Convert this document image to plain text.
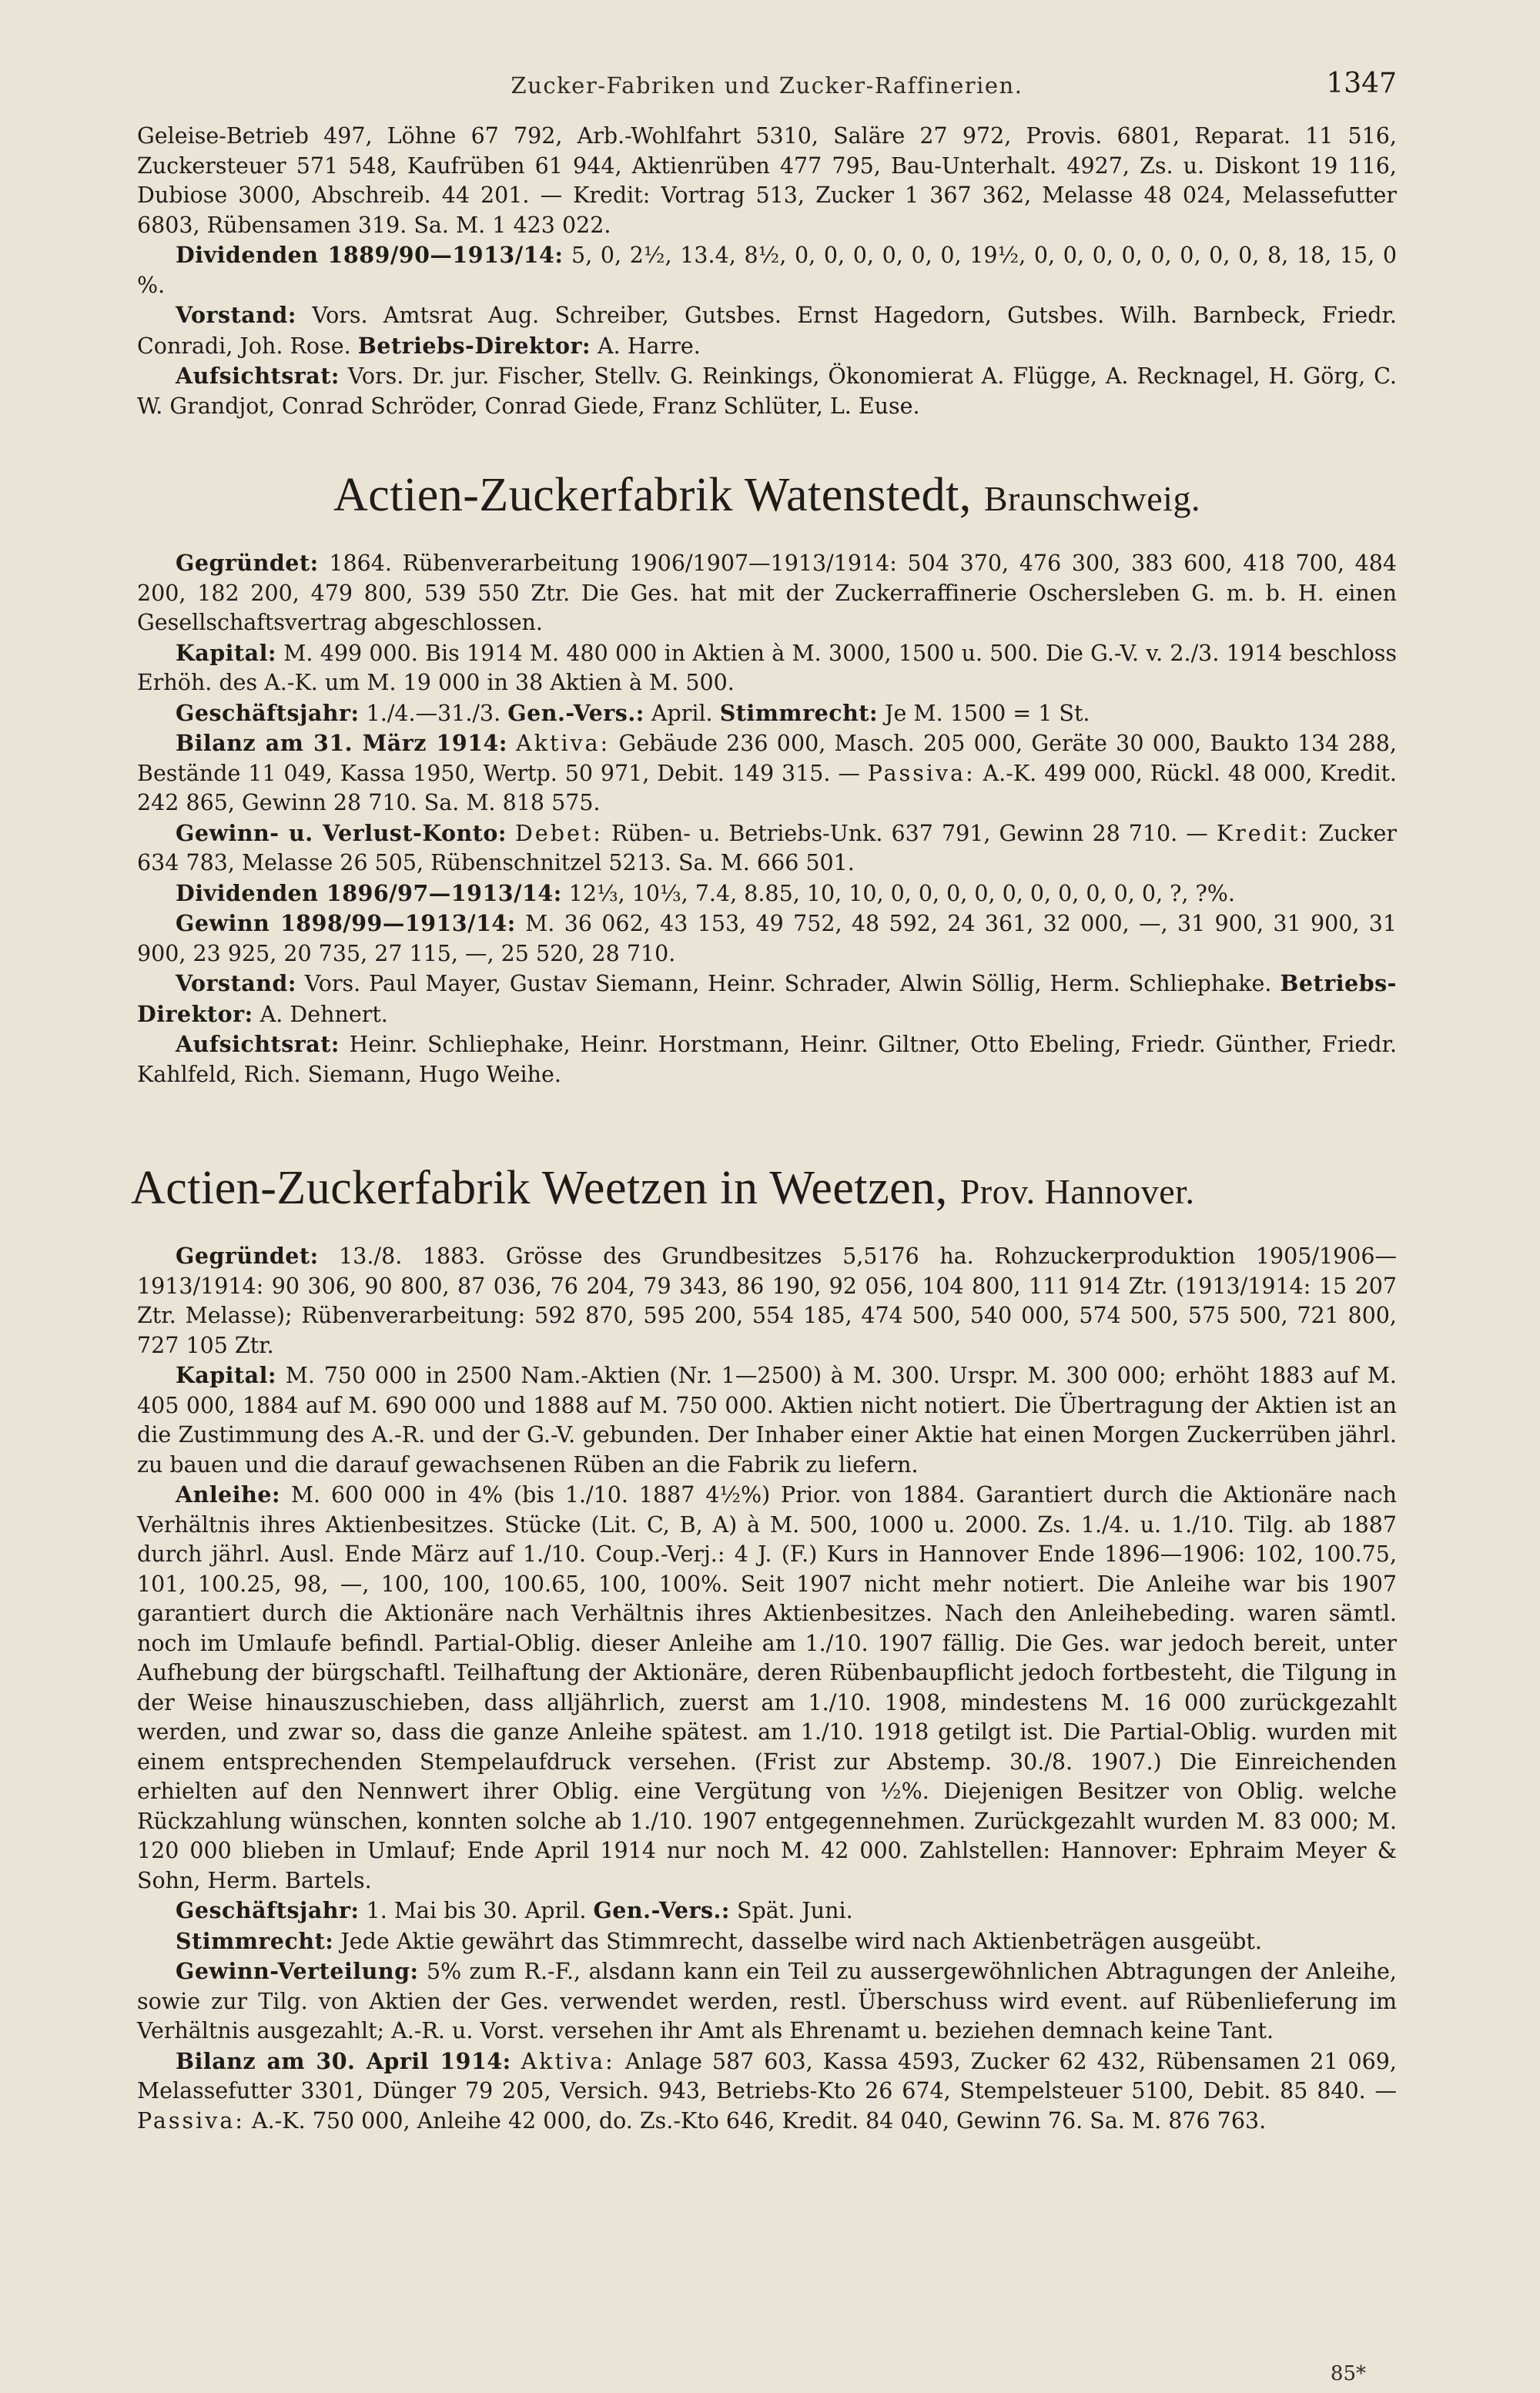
Zucker-Fabriken und Zucker-Raffinerien.	1347

Geleise-Betrieb 497, Löhne 67 792, Arb.-Wohlfahrt 5310, Saläre 27 972, Provis. 6801, Reparat. 11 516, Zuckersteuer 571 548, Kaufrüben 61 944, Aktienrüben 477 795, Bau-Unterhalt. 4927, Zs. u. Diskont 19 116, Dubiose 3000, Abschreib. 44 201. — Kredit: Vortrag 513, Zucker 1 367 362, Melasse 48 024, Melassefutter 6803, Rübensamen 319. Sa. M. 1 423 022.

Dividenden 1889/90—1913/14: 5, 0, 2½, 13.4, 8½, 0, 0, 0, 0, 0, 0, 19½, 0, 0, 0, 0, 0, 0, 0, 0, 8, 18, 15, 0 %.

Vorstand: Vors. Amtsrat Aug. Schreiber, Gutsbes. Ernst Hagedorn, Gutsbes. Wilh. Barnbeck, Friedr. Conradi, Joh. Rose. Betriebs-Direktor: A. Harre.

Aufsichtsrat: Vors. Dr. jur. Fischer, Stellv. G. Reinkings, Ökonomierat A. Flügge, A. Recknagel, H. Görg, C. W. Grandjot, Conrad Schröder, Conrad Giede, Franz Schlüter, L. Euse.

Actien-Zuckerfabrik Watenstedt, Braunschweig.

Gegründet: 1864. Rübenverarbeitung 1906/1907—1913/1914: 504 370, 476 300, 383 600, 418 700, 484 200, 182 200, 479 800, 539 550 Ztr. Die Ges. hat mit der Zuckerraffinerie Oschersleben G. m. b. H. einen Gesellschaftsvertrag abgeschlossen.

Kapital: M. 499 000. Bis 1914 M. 480 000 in Aktien à M. 3000, 1500 u. 500. Die G.-V. v. 2./3. 1914 beschloss Erhöh. des A.-K. um M. 19 000 in 38 Aktien à M. 500.

Geschäftsjahr: 1./4.—31./3. Gen.-Vers.: April. Stimmrecht: Je M. 1500 = 1 St.

Bilanz am 31. März 1914: Aktiva: Gebäude 236 000, Masch. 205 000, Geräte 30 000, Baukto 134 288, Bestände 11 049, Kassa 1950, Wertp. 50 971, Debit. 149 315. — Passiva: A.-K. 499 000, Rückl. 48 000, Kredit. 242 865, Gewinn 28 710. Sa. M. 818 575.

Gewinn- u. Verlust-Konto: Debet: Rüben- u. Betriebs-Unk. 637 791, Gewinn 28 710. — Kredit: Zucker 634 783, Melasse 26 505, Rübenschnitzel 5213. Sa. M. 666 501.

Dividenden 1896/97—1913/14: 12⅓, 10⅓, 7.4, 8.85, 10, 10, 0, 0, 0, 0, 0, 0, 0, 0, 0, 0, ?, ?%.

Gewinn 1898/99—1913/14: M. 36 062, 43 153, 49 752, 48 592, 24 361, 32 000, —, 31 900, 31 900, 31 900, 23 925, 20 735, 27 115, —, 25 520, 28 710.

Vorstand: Vors. Paul Mayer, Gustav Siemann, Heinr. Schrader, Alwin Söllig, Herm. Schliephake. Betriebs-Direktor: A. Dehnert.

Aufsichtsrat: Heinr. Schliephake, Heinr. Horstmann, Heinr. Giltner, Otto Ebeling, Friedr. Günther, Friedr. Kahlfeld, Rich. Siemann, Hugo Weihe.

Actien-Zuckerfabrik Weetzen in Weetzen, Prov. Hannover.

Gegründet: 13./8. 1883. Grösse des Grundbesitzes 5,5176 ha. Rohzuckerproduktion 1905/1906—1913/1914: 90 306, 90 800, 87 036, 76 204, 79 343, 86 190, 92 056, 104 800, 111 914 Ztr. (1913/1914: 15 207 Ztr. Melasse); Rübenverarbeitung: 592 870, 595 200, 554 185, 474 500, 540 000, 574 500, 575 500, 721 800, 727 105 Ztr.

Kapital: M. 750 000 in 2500 Nam.-Aktien (Nr. 1—2500) à M. 300. Urspr. M. 300 000; erhöht 1883 auf M. 405 000, 1884 auf M. 690 000 und 1888 auf M. 750 000. Aktien nicht notiert. Die Übertragung der Aktien ist an die Zustimmung des A.-R. und der G.-V. gebunden. Der Inhaber einer Aktie hat einen Morgen Zuckerrüben jährl. zu bauen und die darauf gewachsenen Rüben an die Fabrik zu liefern.

Anleihe: M. 600 000 in 4% (bis 1./10. 1887 4½%) Prior. von 1884. Garantiert durch die Aktionäre nach Verhältnis ihres Aktienbesitzes. Stücke (Lit. C, B, A) à M. 500, 1000 u. 2000. Zs. 1./4. u. 1./10. Tilg. ab 1887 durch jährl. Ausl. Ende März auf 1./10. Coup.-Verj.: 4 J. (F.) Kurs in Hannover Ende 1896—1906: 102, 100.75, 101, 100.25, 98, —, 100, 100, 100.65, 100, 100%. Seit 1907 nicht mehr notiert. Die Anleihe war bis 1907 garantiert durch die Aktionäre nach Verhältnis ihres Aktienbesitzes. Nach den Anleihebeding. waren sämtl. noch im Umlaufe befindl. Partial-Oblig. dieser Anleihe am 1./10. 1907 fällig. Die Ges. war jedoch bereit, unter Aufhebung der bürgschaftl. Teilhaftung der Aktionäre, deren Rübenbaupflicht jedoch fortbesteht, die Tilgung in der Weise hinauszuschieben, dass alljährlich, zuerst am 1./10. 1908, mindestens M. 16 000 zurückgezahlt werden, und zwar so, dass die ganze Anleihe spätest. am 1./10. 1918 getilgt ist. Die Partial-Oblig. wurden mit einem entsprechenden Stempelaufdruck versehen. (Frist zur Abstemp. 30./8. 1907.) Die Einreichenden erhielten auf den Nennwert ihrer Oblig. eine Vergütung von ½%. Diejenigen Besitzer von Oblig. welche Rückzahlung wünschen, konnten solche ab 1./10. 1907 entgegennehmen. Zurückgezahlt wurden M. 83 000; M. 120 000 blieben in Umlauf; Ende April 1914 nur noch M. 42 000. Zahlstellen: Hannover: Ephraim Meyer & Sohn, Herm. Bartels.

Geschäftsjahr: 1. Mai bis 30. April. Gen.-Vers.: Spät. Juni.

Stimmrecht: Jede Aktie gewährt das Stimmrecht, dasselbe wird nach Aktienbeträgen ausgeübt.

Gewinn-Verteilung: 5% zum R.-F., alsdann kann ein Teil zu aussergewöhnlichen Abtragungen der Anleihe, sowie zur Tilg. von Aktien der Ges. verwendet werden, restl. Überschuss wird event. auf Rübenlieferung im Verhältnis ausgezahlt; A.-R. u. Vorst. versehen ihr Amt als Ehrenamt u. beziehen demnach keine Tant.

Bilanz am 30. April 1914: Aktiva: Anlage 587 603, Kassa 4593, Zucker 62 432, Rübensamen 21 069, Melassefutter 3301, Dünger 79 205, Versich. 943, Betriebs-Kto 26 674, Stempelsteuer 5100, Debit. 85 840. — Passiva: A.-K. 750 000, Anleihe 42 000, do. Zs.-Kto 646, Kredit. 84 040, Gewinn 76. Sa. M. 876 763.

85*
